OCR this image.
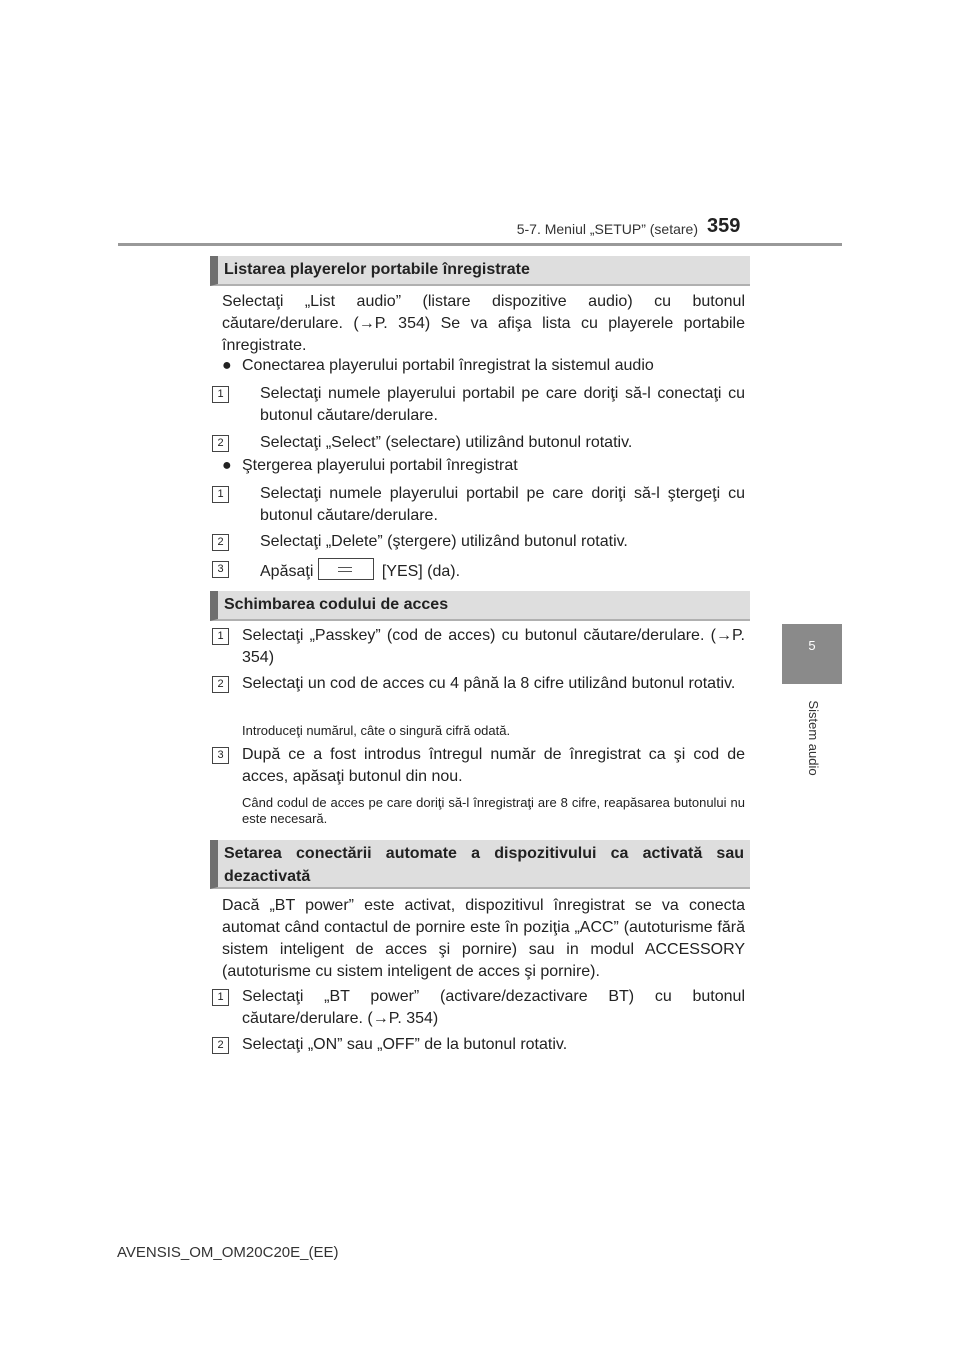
5-7. Meniul „SETUP” (setare) 359
5
Sistem audio
Listarea playerelor portabile înregistrate
Selectaţi „List audio” (listare dispozitive audio) cu butonul căutare/derulare. (→P. 354) Se va afişa lista cu playerele portabile înregistrate.
● Conectarea playerului portabil înregistrat la sistemul audio
1	Selectaţi numele playerului portabil pe care doriţi să-l conectaţi cu butonul căutare/derulare.
2	Selectaţi „Select” (selectare) utilizând butonul rotativ.
● Ştergerea playerului portabil înregistrat
1	Selectaţi numele playerului portabil pe care doriţi să-l ştergeţi cu butonul căutare/derulare.
2	Selectaţi „Delete” (ştergere) utilizând butonul rotativ.
3	Apăsaţi	[YES] (da).
Schimbarea codului de acces
1	Selectaţi „Passkey” (cod de acces) cu butonul căutare/derulare. (→P. 354)
2	Selectaţi un cod de acces cu 4 până la 8 cifre utilizând butonul rotativ.
Introduceţi numărul, câte o singură cifră odată.
3	După ce a fost introdus întregul număr de înregistrat ca şi cod de acces, apăsaţi butonul din nou.
Când codul de acces pe care doriţi să-l înregistraţi are 8 cifre, reapăsarea butonului nu este necesară.
Setarea conectării automate a dispozitivului ca activată sau dezactivată
Dacă „BT power” este activat, dispozitivul înregistrat se va conecta automat când contactul de pornire este în poziţia „ACC” (autoturisme fără sistem inteligent de acces şi pornire) sau in modul ACCESSORY (autoturisme cu sistem inteligent de acces şi pornire).
1	Selectaţi „BT power” (activare/dezactivare BT) cu butonul căutare/derulare. (→P. 354)
2	Selectaţi „ON” sau „OFF” de la butonul rotativ.
AVENSIS_OM_OM20C20E_(EE)
